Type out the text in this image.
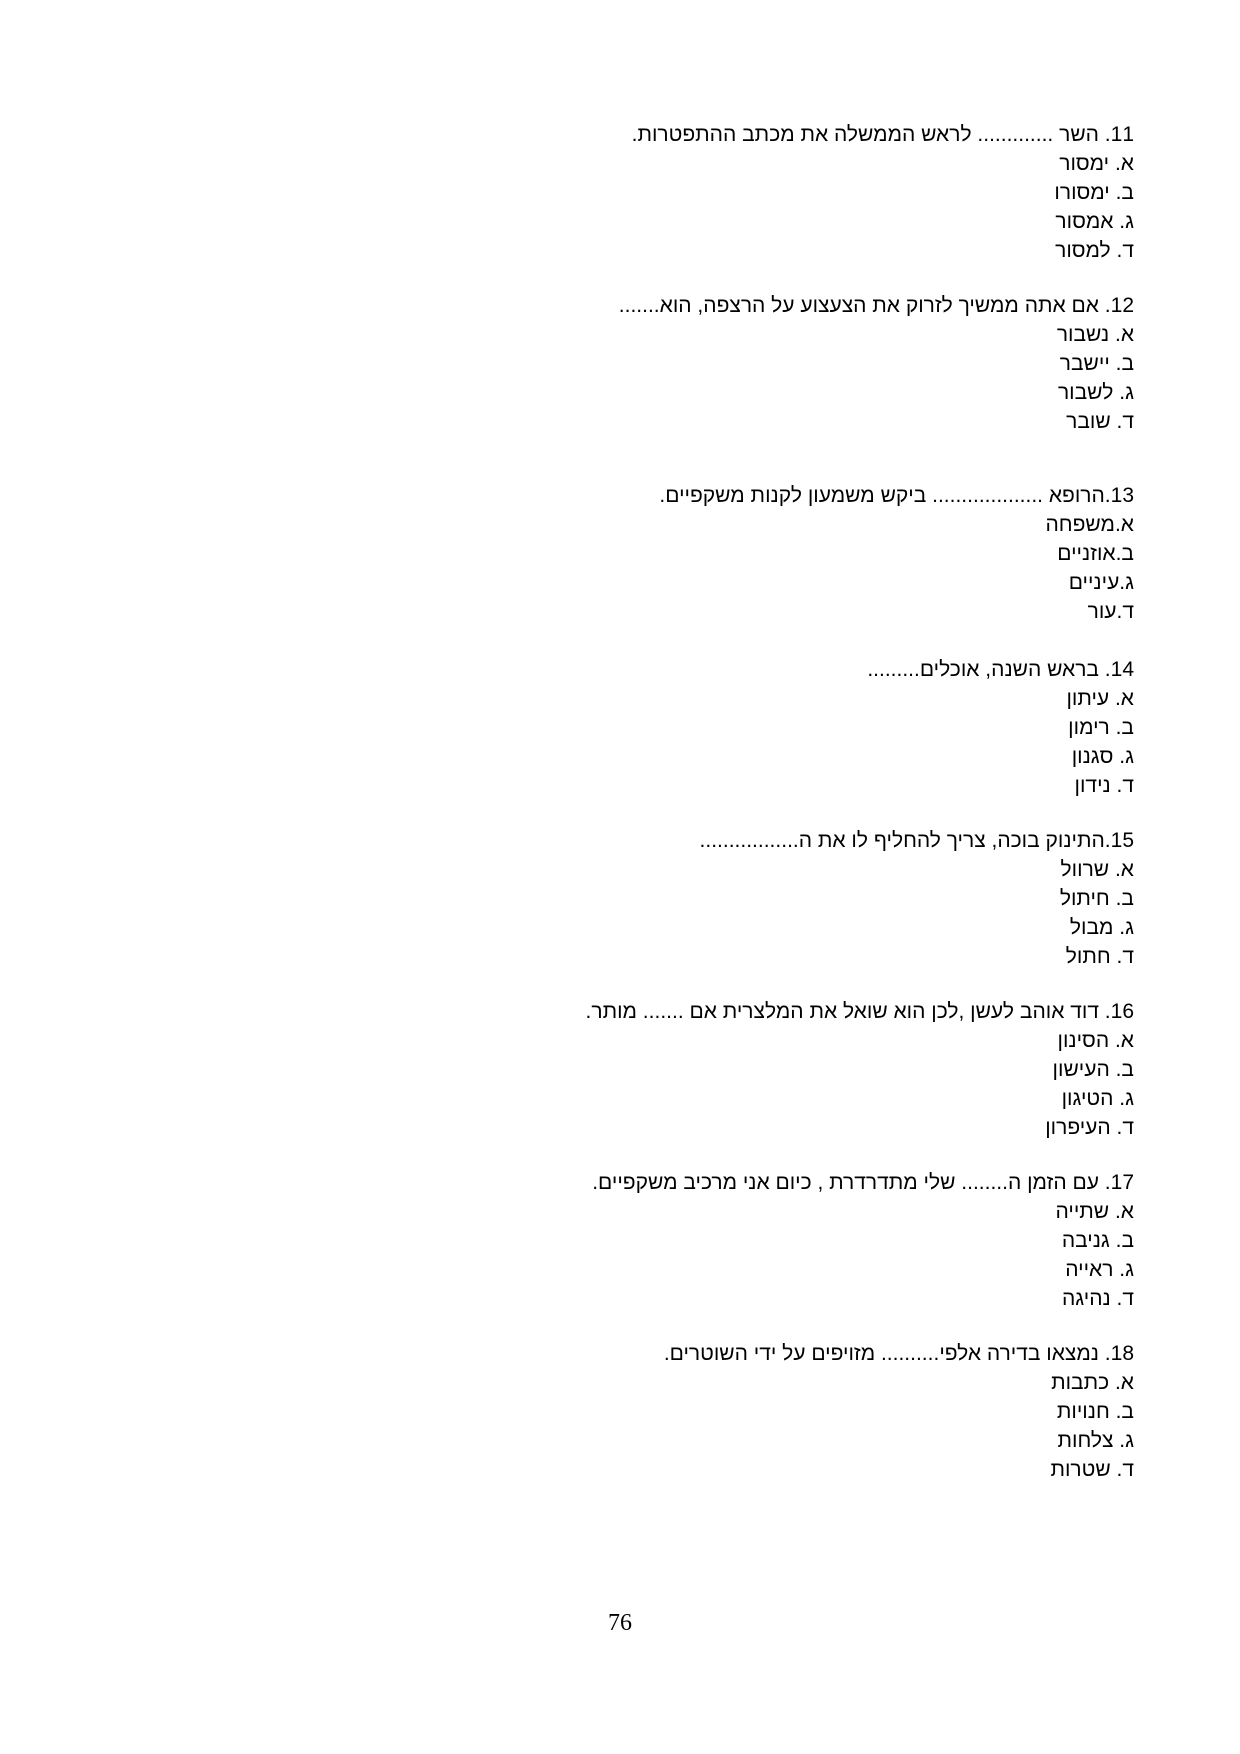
11. השר ............. לראש הממשלה את מכתב ההתפטרות.
א. ימסור
ב. ימסורו
ג. אמסור
ד. למסור
12. אם אתה ממשיך לזרוק את הצעצוע על הרצפה, הוא.......
א. נשבור
ב. יישבר
ג. לשבור
ד. שובר
13.הרופא ................... ביקש משמעון לקנות משקפיים.
א.משפחה
ב.אוזניים
ג.עיניים
ד.עור
14. בראש השנה, אוכלים.........
א. עיתון
ב. רימון
ג. סגנון
ד. נידון
15.התינוק בוכה, צריך להחליף לו את ה.................
א. שרוול
ב. חיתול
ג. מבול
ד. חתול
16. דוד אוהב לעשן ,לכן הוא שואל את המלצרית אם ....... מותר.
א. הסינון
ב. העישון
ג. הטיגון
ד. העיפרון
17. עם הזמן ה........ שלי מתדרדרת , כיום אני מרכיב משקפיים.
א. שתייה
ב. גניבה
ג. ראייה
ד. נהיגה
18. נמצאו בדירה אלפי.......... מזויפים על ידי השוטרים.
א. כתבות
ב. חנויות
ג. צלחות
ד. שטרות
76
